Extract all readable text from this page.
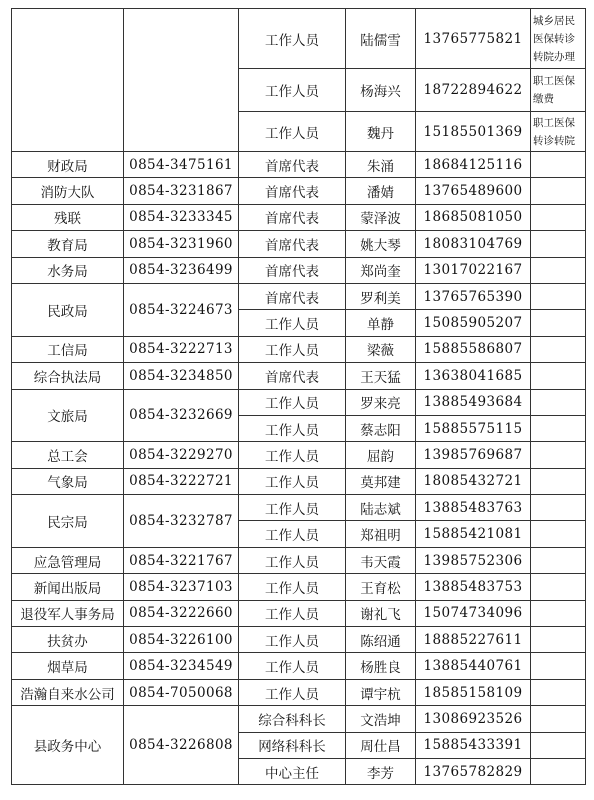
		工作人员	陆儒雪	13765775821	城乡居民医保转诊转院办理
		工作人员	杨海兴	18722894622	职工医保缴费
		工作人员	魏丹	15185501369	职工医保转诊转院
财政局	0854-3475161	首席代表	朱涌	18684125116	
消防大队	0854-3231867	首席代表	潘婧	13765489600	
残联	0854-3233345	首席代表	蒙泽波	18685081050	
教育局	0854-3231960	首席代表	姚大琴	18083104769	
水务局	0854-3236499	首席代表	郑尚奎	13017022167	
民政局	0854-3224673	首席代表	罗利美	13765765390	
		工作人员	单静	15085905207	
工信局	0854-3222713	工作人员	梁薇	15885586807	
综合执法局	0854-3234850	首席代表	王天猛	13638041685	
文旅局	0854-3232669	工作人员	罗来亮	13885493684	
		工作人员	蔡志阳	15885575115	
总工会	0854-3229270	工作人员	屈韵	13985769687	
气象局	0854-3222721	工作人员	莫邦建	18085432721	
民宗局	0854-3232787	工作人员	陆志斌	13885483763	
		工作人员	郑祖明	15885421081	
应急管理局	0854-3221767	工作人员	韦天霞	13985752306	
新闻出版局	0854-3237103	工作人员	王育松	13885483753	
退役军人事务局	0854-3222660	工作人员	谢礼飞	15074734096	
扶贫办	0854-3226100	工作人员	陈绍通	18885227611	
烟草局	0854-3234549	工作人员	杨胜良	13885440761	
浩瀚自来水公司	0854-7050068	工作人员	谭宇杭	18585158109	
县政务中心	0854-3226808	综合科科长	文浩坤	13086923526	
		网络科科长	周仕昌	15885433391	
		中心主任	李芳	13765782829	
